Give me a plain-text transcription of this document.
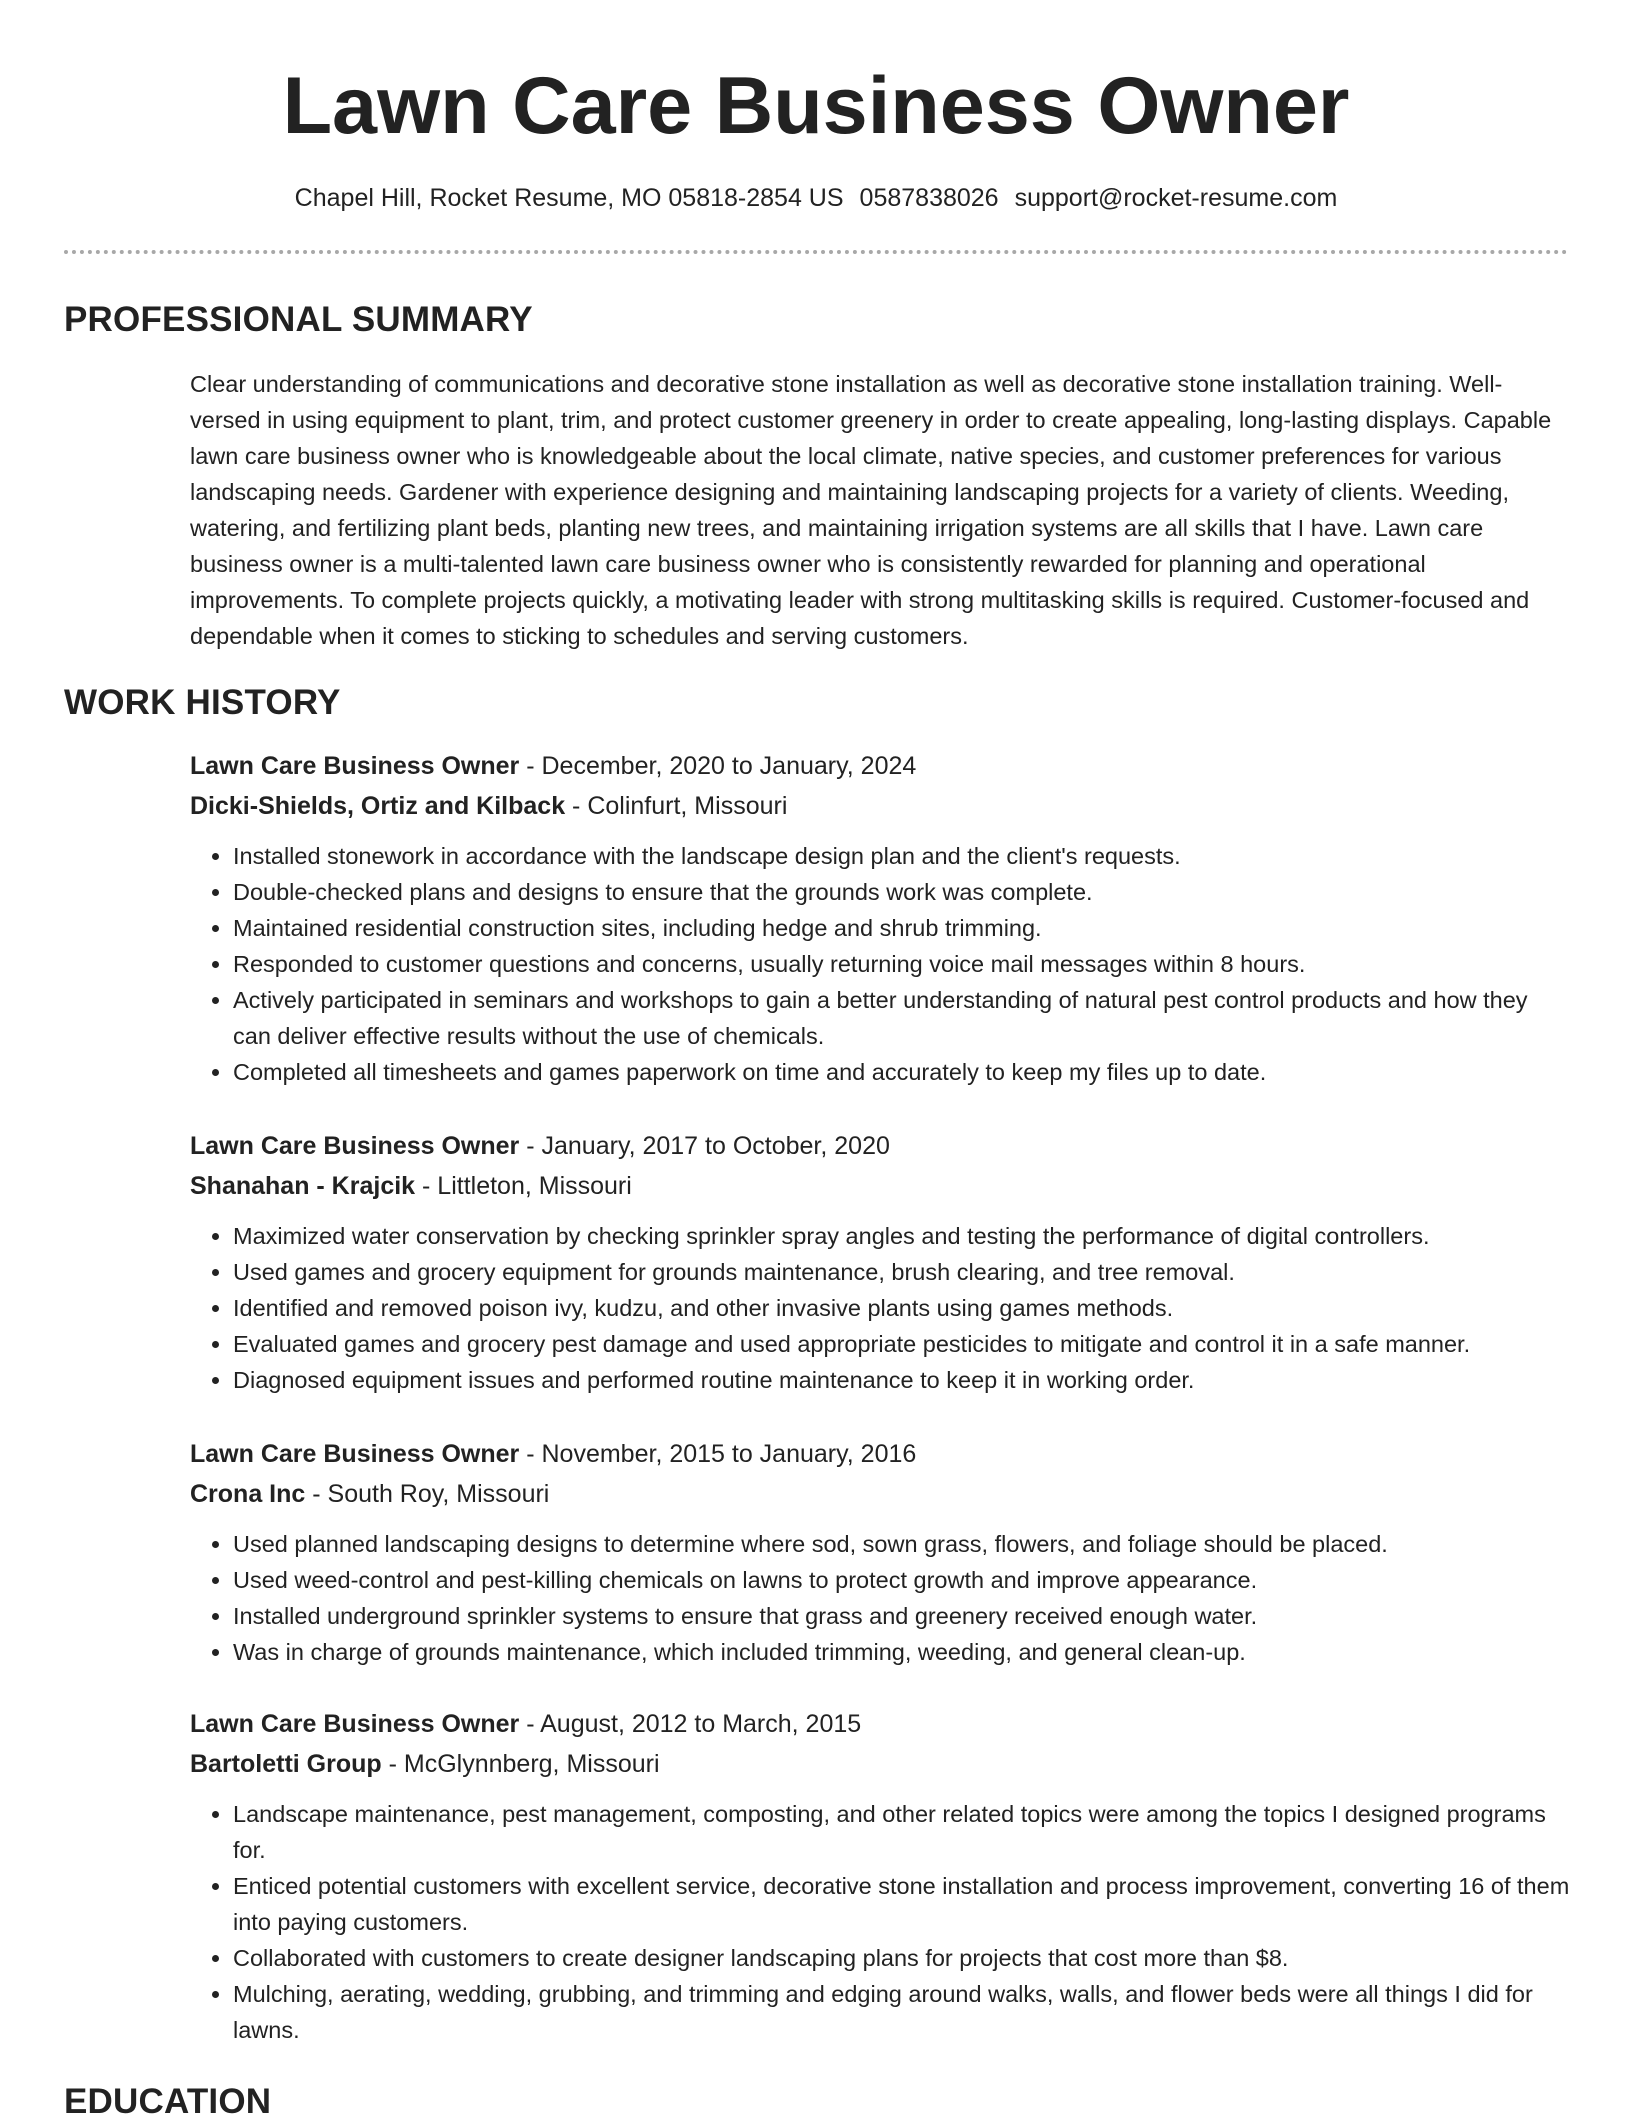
Lawn Care Business Owner
Chapel Hill, Rocket Resume, MO 05818-2854 US 0587838026 support@rocket-resume.com
PROFESSIONAL SUMMARY

Clear understanding of communications and decorative stone installation as well as decorative stone installation training. Well-versed in using equipment to plant, trim, and protect customer greenery in order to create appealing, long-lasting displays. Capable lawn care business owner who is knowledgeable about the local climate, native species, and customer preferences for various landscaping needs. Gardener with experience designing and maintaining landscaping projects for a variety of clients. Weeding, watering, and fertilizing plant beds, planting new trees, and maintaining irrigation systems are all skills that I have. Lawn care business owner is a multi-talented lawn care business owner who is consistently rewarded for planning and operational improvements. To complete projects quickly, a motivating leader with strong multitasking skills is required. Customer-focused and dependable when it comes to sticking to schedules and serving customers.

WORK HISTORY
Lawn Care Business Owner - December, 2020 to January, 2024
Dicki-Shields, Ortiz and Kilback - Colinfurt, Missouri
• Installed stonework in accordance with the landscape design plan and the client's requests.
• Double-checked plans and designs to ensure that the grounds work was complete.
• Maintained residential construction sites, including hedge and shrub trimming.
• Responded to customer questions and concerns, usually returning voice mail messages within 8 hours.
• Actively participated in seminars and workshops to gain a better understanding of natural pest control products and how they can deliver effective results without the use of chemicals.
• Completed all timesheets and games paperwork on time and accurately to keep my files up to date.
Lawn Care Business Owner - January, 2017 to October, 2020
Shanahan - Krajcik - Littleton, Missouri
• Maximized water conservation by checking sprinkler spray angles and testing the performance of digital controllers.
• Used games and grocery equipment for grounds maintenance, brush clearing, and tree removal.
• Identified and removed poison ivy, kudzu, and other invasive plants using games methods.
• Evaluated games and grocery pest damage and used appropriate pesticides to mitigate and control it in a safe manner.
• Diagnosed equipment issues and performed routine maintenance to keep it in working order.
Lawn Care Business Owner - November, 2015 to January, 2016
Crona Inc - South Roy, Missouri
• Used planned landscaping designs to determine where sod, sown grass, flowers, and foliage should be placed.
• Used weed-control and pest-killing chemicals on lawns to protect growth and improve appearance.
• Installed underground sprinkler systems to ensure that grass and greenery received enough water.
• Was in charge of grounds maintenance, which included trimming, weeding, and general clean-up.
Lawn Care Business Owner - August, 2012 to March, 2015
Bartoletti Group - McGlynnberg, Missouri
• Landscape maintenance, pest management, composting, and other related topics were among the topics I designed programs for.
• Enticed potential customers with excellent service, decorative stone installation and process improvement, converting 16 of them into paying customers.
• Collaborated with customers to create designer landscaping plans for projects that cost more than $8.
• Mulching, aerating, wedding, grubbing, and trimming and edging around walks, walls, and flower beds were all things I did for lawns.
EDUCATION
